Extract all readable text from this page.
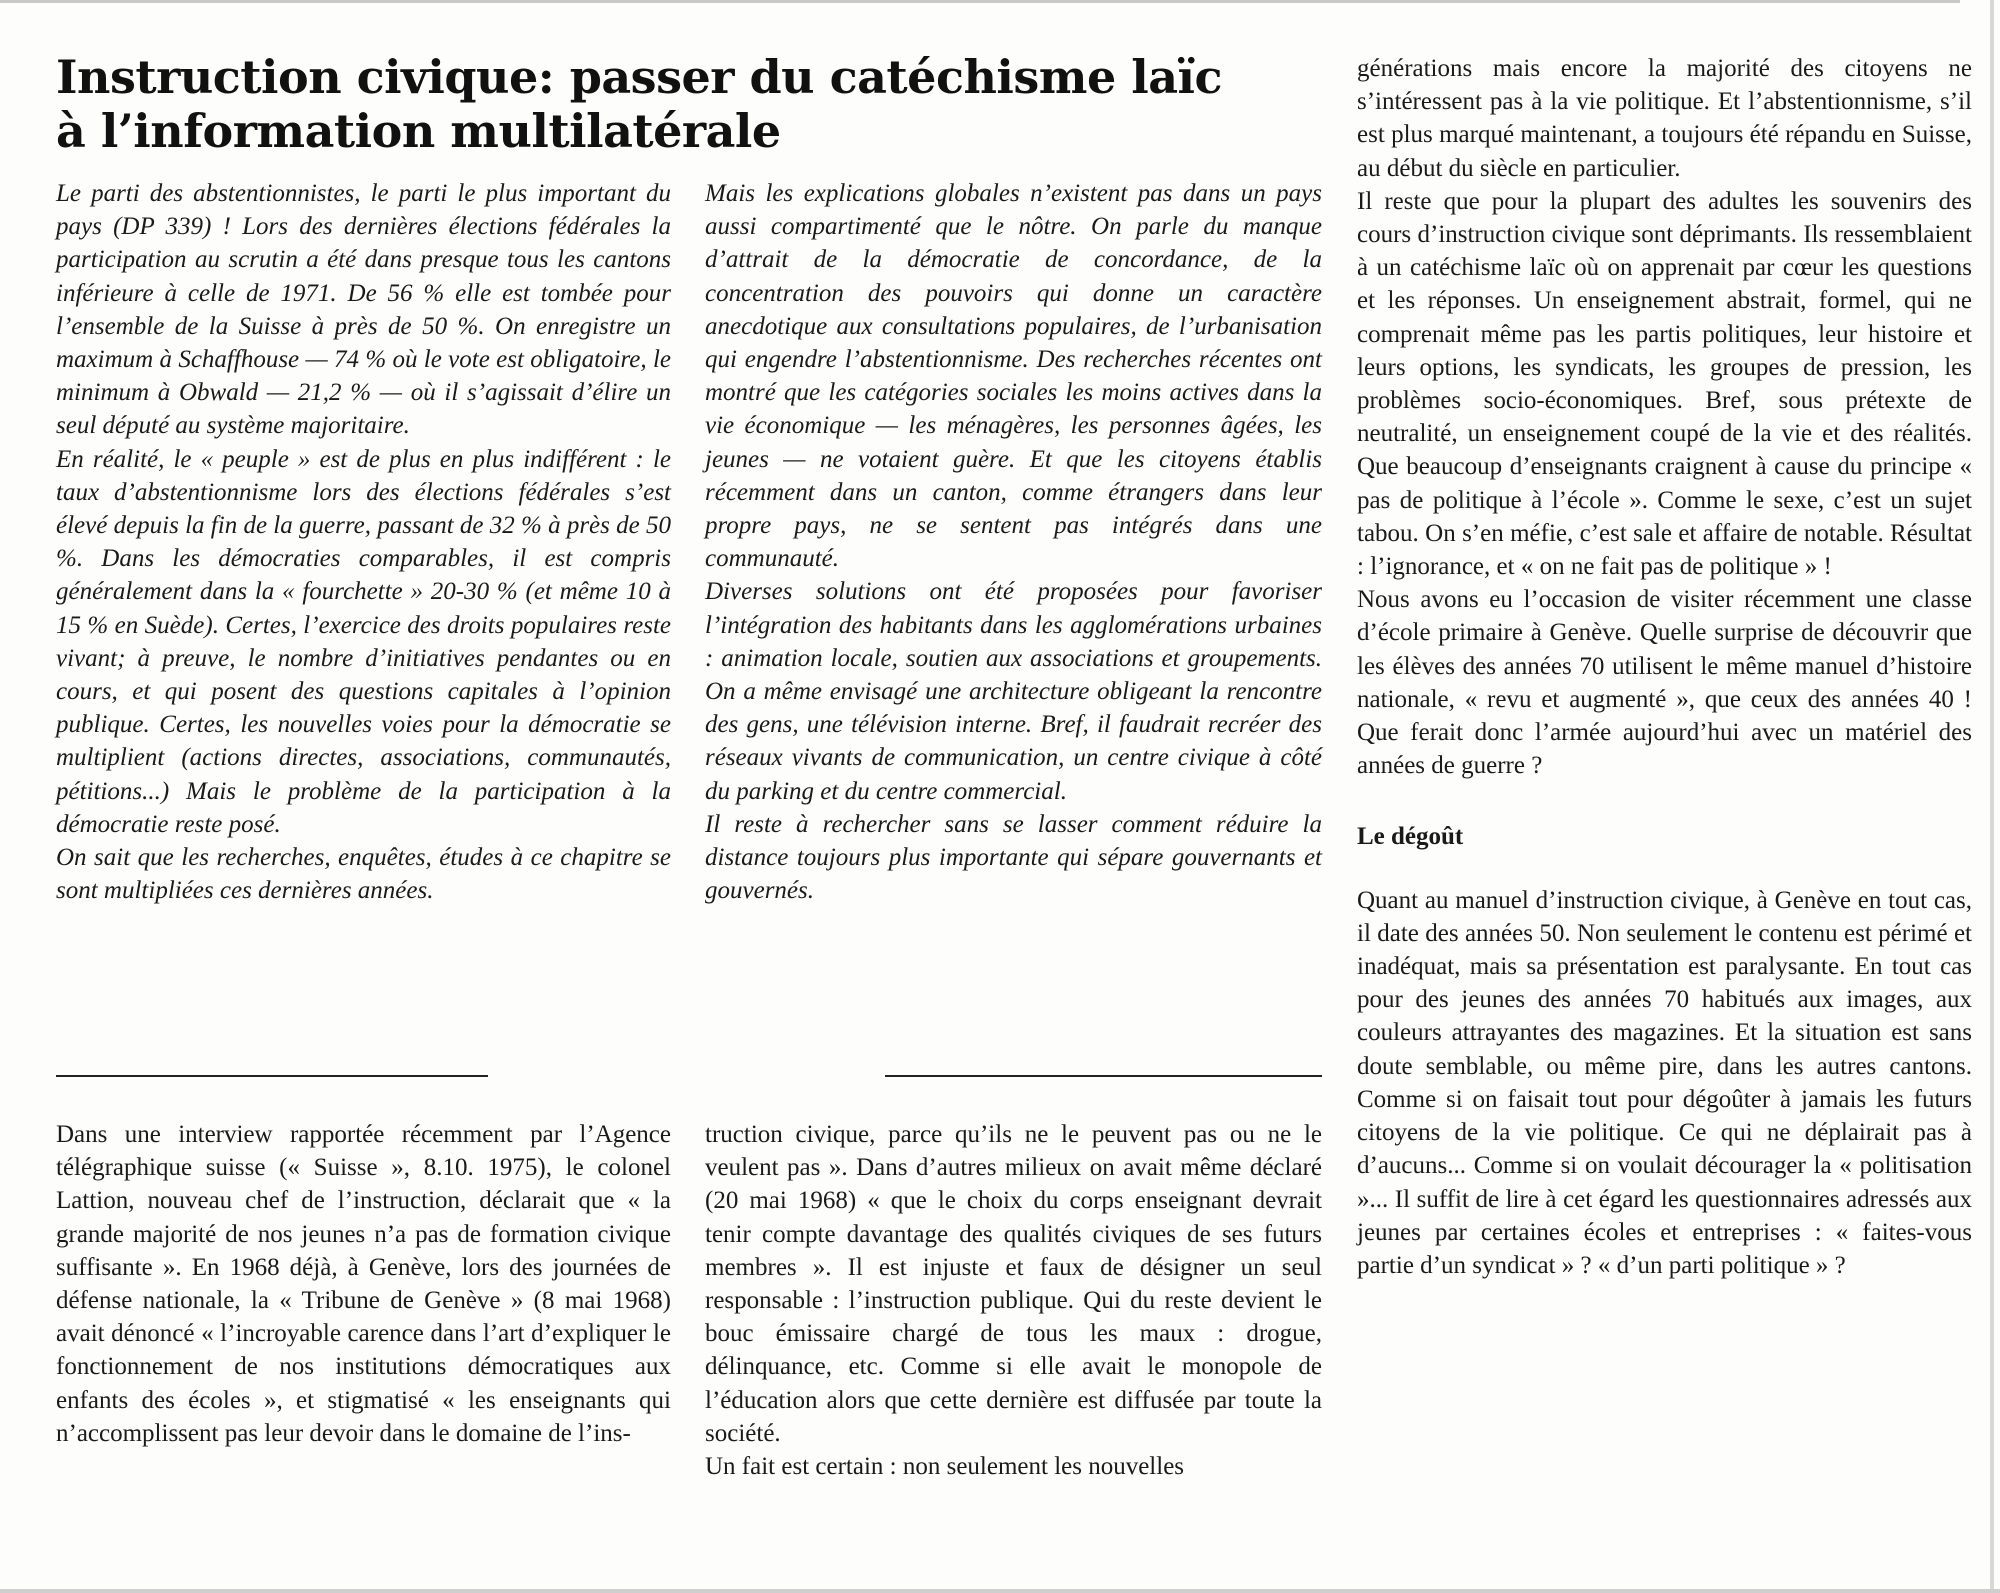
Instruction civique: passer du catéchisme laïc
à l’information multilatérale

Le parti des abstentionnistes, le parti le plus important du pays (DP 339) ! Lors des dernières élections fédérales la participation au scrutin a été dans presque tous les cantons inférieure à celle de 1971. De 56 % elle est tombée pour l’ensemble de la Suisse à près de 50 %. On enregistre un maximum à Schaffhouse — 74 % où le vote est obligatoire, le minimum à Obwald — 21,2 % — où il s’agissait d’élire un seul député au système majoritaire.

En réalité, le « peuple » est de plus en plus indifférent : le taux d’abstentionnisme lors des élections fédérales s’est élevé depuis la fin de la guerre, passant de 32 % à près de 50 %. Dans les démocraties comparables, il est compris généralement dans la « fourchette » 20-30 % (et même 10 à 15 % en Suède). Certes, l’exercice des droits populaires reste vivant; à preuve, le nombre d’initiatives pendantes ou en cours, et qui posent des questions capitales à l’opinion publique. Certes, les nouvelles voies pour la démocratie se multiplient (actions directes, associations, communautés, pétitions...) Mais le problème de la participation à la démocratie reste posé.

On sait que les recherches, enquêtes, études à ce chapitre se sont multipliées ces dernières années.

Mais les explications globales n’existent pas dans un pays aussi compartimenté que le nôtre. On parle du manque d’attrait de la démocratie de concordance, de la concentration des pouvoirs qui donne un caractère anecdotique aux consultations populaires, de l’urbanisation qui engendre l’abstentionnisme. Des recherches récentes ont montré que les catégories sociales les moins actives dans la vie économique — les ménagères, les personnes âgées, les jeunes — ne votaient guère. Et que les citoyens établis récemment dans un canton, comme étrangers dans leur propre pays, ne se sentent pas intégrés dans une communauté.

Diverses solutions ont été proposées pour favoriser l’intégration des habitants dans les agglomérations urbaines : animation locale, soutien aux associations et groupements. On a même envisagé une architecture obligeant la rencontre des gens, une télévision interne. Bref, il faudrait recréer des réseaux vivants de communication, un centre civique à côté du parking et du centre commercial.

Il reste à rechercher sans se lasser comment réduire la distance toujours plus importante qui sépare gouvernants et gouvernés.

Dans une interview rapportée récemment par l’Agence télégraphique suisse (« Suisse », 8.10. 1975), le colonel Lattion, nouveau chef de l’instruction, déclarait que « la grande majorité de nos jeunes n’a pas de formation civique suffisante ». En 1968 déjà, à Genève, lors des journées de défense nationale, la « Tribune de Genève » (8 mai 1968) avait dénoncé « l’incroyable carence dans l’art d’expliquer le fonctionnement de nos institutions démocratiques aux enfants des écoles », et stigmatisé « les enseignants qui n’accomplissent pas leur devoir dans le domaine de l’ins-

truction civique, parce qu’ils ne le peuvent pas ou ne le veulent pas ». Dans d’autres milieux on avait même déclaré (20 mai 1968) « que le choix du corps enseignant devrait tenir compte davantage des qualités civiques de ses futurs membres ». Il est injuste et faux de désigner un seul responsable : l’instruction publique. Qui du reste devient le bouc émissaire chargé de tous les maux : drogue, délinquance, etc. Comme si elle avait le monopole de l’éducation alors que cette dernière est diffusée par toute la société.

Un fait est certain : non seulement les nouvelles

générations mais encore la majorité des citoyens ne s’intéressent pas à la vie politique. Et l’abstentionnisme, s’il est plus marqué maintenant, a toujours été répandu en Suisse, au début du siècle en particulier.

Il reste que pour la plupart des adultes les souvenirs des cours d’instruction civique sont déprimants. Ils ressemblaient à un catéchisme laïc où on apprenait par cœur les questions et les réponses. Un enseignement abstrait, formel, qui ne comprenait même pas les partis politiques, leur histoire et leurs options, les syndicats, les groupes de pression, les problèmes socio-économiques. Bref, sous prétexte de neutralité, un enseignement coupé de la vie et des réalités. Que beaucoup d’enseignants craignent à cause du principe « pas de politique à l’école ». Comme le sexe, c’est un sujet tabou. On s’en méfie, c’est sale et affaire de notable. Résultat : l’ignorance, et « on ne fait pas de politique » !

Nous avons eu l’occasion de visiter récemment une classe d’école primaire à Genève. Quelle surprise de découvrir que les élèves des années 70 utilisent le même manuel d’histoire nationale, « revu et augmenté », que ceux des années 40 ! Que ferait donc l’armée aujourd’hui avec un matériel des années de guerre ?

Le dégoût

Quant au manuel d’instruction civique, à Genève en tout cas, il date des années 50. Non seulement le contenu est périmé et inadéquat, mais sa présentation est paralysante. En tout cas pour des jeunes des années 70 habitués aux images, aux couleurs attrayantes des magazines. Et la situation est sans doute semblable, ou même pire, dans les autres cantons. Comme si on faisait tout pour dégoûter à jamais les futurs citoyens de la vie politique. Ce qui ne déplairait pas à d’aucuns... Comme si on voulait décourager la « politisation »... Il suffit de lire à cet égard les questionnaires adressés aux jeunes par certaines écoles et entreprises : « faites-vous partie d’un syndicat » ? « d’un parti politique » ?
